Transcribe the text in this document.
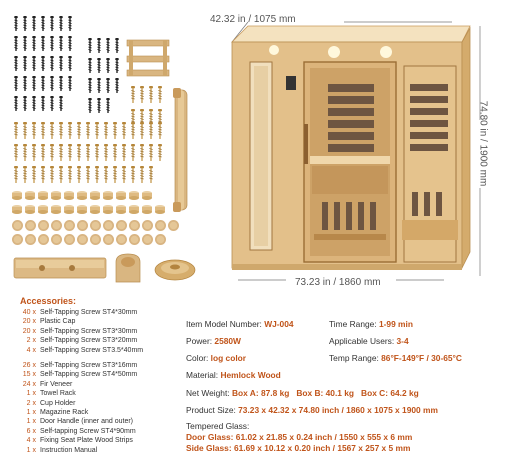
42.32 in / 1075 mm
74.80 in / 1900 mm
73.23 in / 1860 mm
Accessories:
40 x Self-Tapping Screw ST4*30mm
20 x Plastic Cap
20 x Self-Tapping Screw ST3*30mm
2 x Self-Tapping Screw ST3*20mm
4 x Self-Tapping Screw ST3.5*40mm
26 x Self-Tapping Screw ST3*16mm
15 x Self-Tapping Screw ST4*50mm
24 x Fir Veneer
1 x Towel Rack
2 x Cup Holder
1 x Magazine Rack
1 x Door Handle (inner and outer)
6 x Self-tapping Screw ST4*90mm
4 x Fixing Seat Plate Wood Strips
1 x Instruction Manual
Item Model Number: WJ-004	Time Range: 1-99 min
Power: 2580W	Applicable Users: 3-4
Color: log color	Temp Range: 86°F-149°F / 30-65°C
Material: Hemlock Wood
Net Weight: Box A: 87.8 kg Box B: 40.1 kg Box C: 64.2 kg
Product Size: 73.23 x 42.32 x 74.80 inch / 1860 x 1075 x 1900 mm
Tempered Glass:
Door Glass: 61.02 x 21.85 x 0.24 inch / 1550 x 555 x 6 mm
Side Glass: 61.69 x 10.12 x 0.20 inch / 1567 x 257 x 5 mm
